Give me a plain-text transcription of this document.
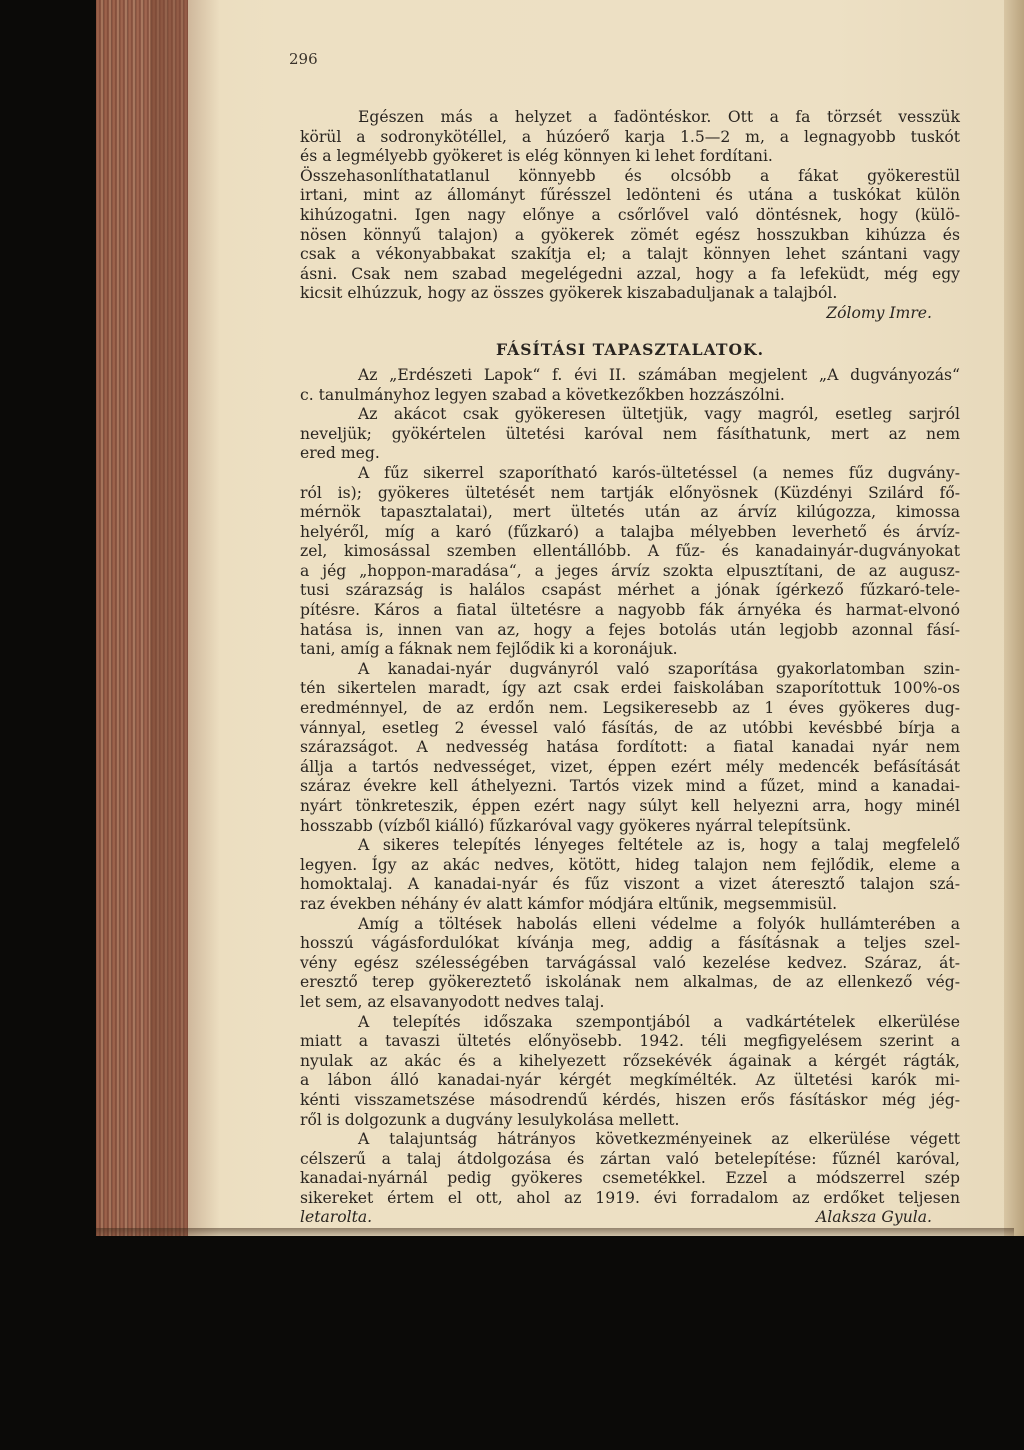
296
Egészen más a helyzet a fadöntéskor. Ott a fa törzsét vesszük
körül a sodronykötéllel, a húzóerő karja 1.5—2 m, a legnagyobb tuskót
és a legmélyebb gyökeret is elég könnyen ki lehet fordítani.
Összehasonlíthatatlanul könnyebb és olcsóbb a fákat gyökerestül
irtani, mint az állományt fűrésszel ledönteni és utána a tuskókat külön
kihúzogatni. Igen nagy előnye a csőrlővel való döntésnek, hogy (külö-
nösen könnyű talajon) a gyökerek zömét egész hosszukban kihúzza és
csak a vékonyabbakat szakítja el; a talajt könnyen lehet szántani vagy
ásni. Csak nem szabad megelégedni azzal, hogy a fa lefeküdt, még egy
kicsit elhúzzuk, hogy az összes gyökerek kiszabaduljanak a talajból.
Zólomy Imre.
FÁSÍTÁSI TAPASZTALATOK.
Az „Erdészeti Lapok“ f. évi II. számában megjelent „A dugványozás“
c. tanulmányhoz legyen szabad a következőkben hozzászólni.
Az akácot csak gyökeresen ültetjük, vagy magról, esetleg sarjról
neveljük; gyökértelen ültetési karóval nem fásíthatunk, mert az nem
ered meg.
A fűz sikerrel szaporítható karós-ültetéssel (a nemes fűz dugvány-
ról is); gyökeres ültetését nem tartják előnyösnek (Küzdényi Szilárd fő-
mérnök tapasztalatai), mert ültetés után az árvíz kilúgozza, kimossa
helyéről, míg a karó (fűzkaró) a talajba mélyebben leverhető és árvíz-
zel, kimosással szemben ellentállóbb. A fűz- és kanadainyár-dugványokat
a jég „hoppon-maradása“, a jeges árvíz szokta elpusztítani, de az augusz-
tusi szárazság is halálos csapást mérhet a jónak ígérkező fűzkaró-tele-
pítésre. Káros a fiatal ültetésre a nagyobb fák árnyéka és harmat-elvonó
hatása is, innen van az, hogy a fejes botolás után legjobb azonnal fásí-
tani, amíg a fáknak nem fejlődik ki a koronájuk.
A kanadai-nyár dugványról való szaporítása gyakorlatomban szin-
tén sikertelen maradt, így azt csak erdei faiskolában szaporítottuk 100%-os
eredménnyel, de az erdőn nem. Legsikeresebb az 1 éves gyökeres dug-
vánnyal, esetleg 2 évessel való fásítás, de az utóbbi kevésbbé bírja a
szárazságot. A nedvesség hatása fordított: a fiatal kanadai nyár nem
állja a tartós nedvességet, vizet, éppen ezért mély medencék befásítását
száraz évekre kell áthelyezni. Tartós vizek mind a fűzet, mind a kanadai-
nyárt tönkreteszik, éppen ezért nagy súlyt kell helyezni arra, hogy minél
hosszabb (vízből kiálló) fűzkaróval vagy gyökeres nyárral telepítsünk.
A sikeres telepítés lényeges feltétele az is, hogy a talaj megfelelő
legyen. Így az akác nedves, kötött, hideg talajon nem fejlődik, eleme a
homoktalaj. A kanadai-nyár és fűz viszont a vizet áteresztő talajon szá-
raz években néhány év alatt kámfor módjára eltűnik, megsemmisül.
Amíg a töltések habolás elleni védelme a folyók hullámterében a
hosszú vágásfordulókat kívánja meg, addig a fásításnak a teljes szel-
vény egész szélességében tarvágással való kezelése kedvez. Száraz, át-
eresztő terep gyökereztető iskolának nem alkalmas, de az ellenkező vég-
let sem, az elsavanyodott nedves talaj.
A telepítés időszaka szempontjából a vadkártételek elkerülése
miatt a tavaszi ültetés előnyösebb. 1942. téli megfigyelésem szerint a
nyulak az akác és a kihelyezett rőzsekévék ágainak a kérgét rágták,
a lábon álló kanadai-nyár kérgét megkímélték. Az ültetési karók mi-
kénti visszametszése másodrendű kérdés, hiszen erős fásításkor még jég-
ről is dolgozunk a dugvány lesulykolása mellett.
A talajuntság hátrányos következményeinek az elkerülése végett
célszerű a talaj átdolgozása és zártan való betelepítése: fűznél karóval,
kanadai-nyárnál pedig gyökeres csemetékkel. Ezzel a módszerrel szép
sikereket értem el ott, ahol az 1919. évi forradalom az erdőket teljesen
letarolta.	Alaksza Gyula.
